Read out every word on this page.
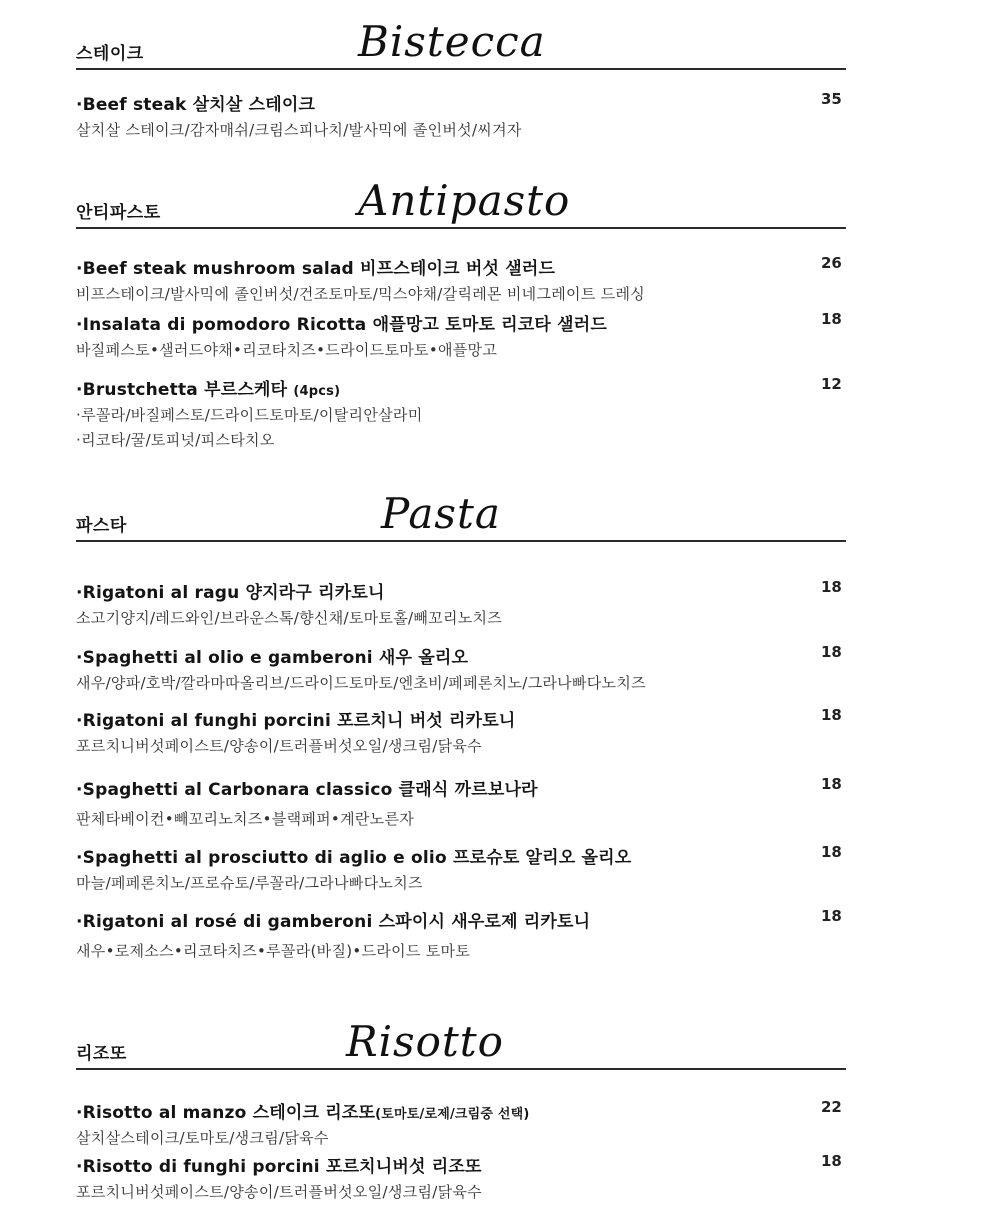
스테이크	Bistecca
·Beef steak 살치살 스테이크
살치살 스테이크/감자매쉬/크림스피나치/발사믹에 졸인버섯/씨겨자
35
안티파스토	Antipasto
·Beef steak mushroom salad 비프스테이크 버섯 샐러드
비프스테이크/발사믹에 졸인버섯/건조토마토/믹스야채/갈릭레몬 비네그레이트 드레싱
26
·Insalata di pomodoro Ricotta 애플망고 토마토 리코타 샐러드
바질페스토•샐러드야채•리코타치즈•드라이드토마토•애플망고
18
·Brustchetta 부르스케타 (4pcs)
·루꼴라/바질페스토/드라이드토마토/이탈리안살라미
·리코타/꿀/토피넛/피스타치오
12
파스타	Pasta
·Rigatoni al ragu 양지라구 리카토니
소고기양지/레드와인/브라운스톡/향신채/토마토홀/빼꼬리노치즈
18
·Spaghetti al olio e gamberoni 새우 올리오
새우/양파/호박/깔라마따올리브/드라이드토마토/엔초비/페페론치노/그라나빠다노치즈
18
·Rigatoni al funghi porcini 포르치니 버섯 리카토니
포르치니버섯페이스트/양송이/트러플버섯오일/생크림/닭육수
18
·Spaghetti al Carbonara classico 클래식 까르보나라
판체타베이컨•빼꼬리노치즈•블랙페퍼•계란노른자
18
·Spaghetti al prosciutto di aglio e olio 프로슈토 알리오 올리오
마늘/페페론치노/프로슈토/루꼴라/그라나빠다노치즈
18
·Rigatoni al rosé di gamberoni 스파이시 새우로제 리카토니
새우•로제소스•리코타치즈•루꼴라(바질)•드라이드 토마토
18
리조또	Risotto
·Risotto al manzo 스테이크 리조또(토마토/로제/크림중 선택)
살치살스테이크/토마토/생크림/닭육수
22
·Risotto di funghi porcini 포르치니버섯 리조또
포르치니버섯페이스트/양송이/트러플버섯오일/생크림/닭육수
18
